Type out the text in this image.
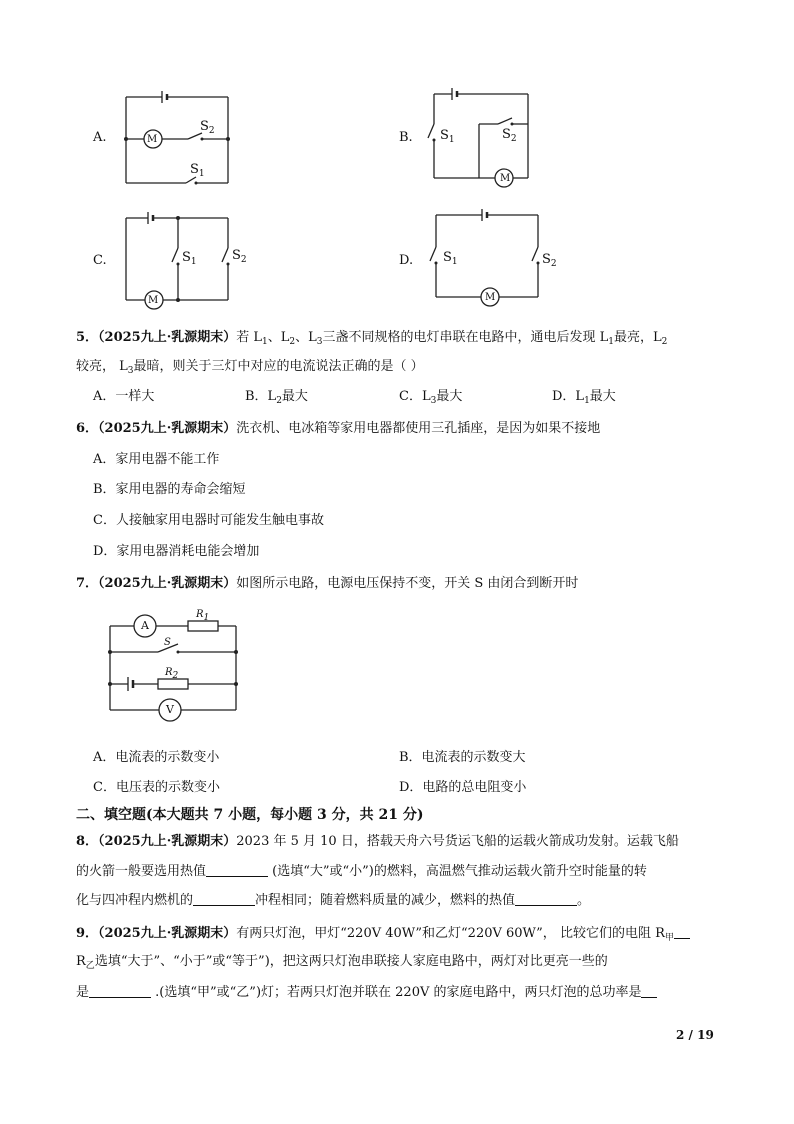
A.	M
$S_2$
$S_1$
B. $S_1$	$S_2$
M
C.	$S_1$	$S_2$
M
D. $S_1$	$S_2$
M
5．（2025九上·乳源期末）若 $L_1$、$L_2$、$L_3$三盏不同规格的电灯串联在电路中，通电后发现 $L_1$最亮，$L_2$
较亮， $L_3$最暗，则关于三灯中对应的电流说法正确的是（ ）
A．一样大	B．$L_2$最大	C．$L_3$最大	D．$L_1$最大
6．（2025九上·乳源期末）洗衣机、电冰箱等家用电器都使用三孔插座，是因为如果不接地
A．家用电器不能工作
B．家用电器的寿命会缩短
C．人接触家用电器时可能发生触电事故
D．家用电器消耗电能会增加
7．（2025九上·乳源期末）如图所示电路，电源电压保持不变，开关 S 由闭合到断开时
A
R1
S
R2
V
A．电流表的示数变小	B．电流表的示数变大
C．电压表的示数变小	D．电路的总电阻变小
二、填空题(本大题共 7 小题，每小题 3 分，共 21 分)
8．（2025九上·乳源期末）2023 年 5 月 10 日，搭载天舟六号货运飞船的运载火箭成功发射。运载飞船
的火箭一般要选用热值	(选填“大”或“小”)的燃料，高温燃气推动运载火箭升空时能量的转
化与四冲程内燃机的	冲程相同；随着燃料质量的减少，燃料的热值	。
9．（2025九上·乳源期末）有两只灯泡，甲灯“220V 40W”和乙灯“220V 60W”， 比较它们的电阻 $R_甲$
$R_乙$选填“大于”、“小于”或“等于”)，把这两只灯泡串联接人家庭电路中，两灯对比更亮一些的
是	.(选填“甲”或“乙”)灯；若两只灯泡并联在 220V 的家庭电路中，两只灯泡的总功率是
2 / 19
